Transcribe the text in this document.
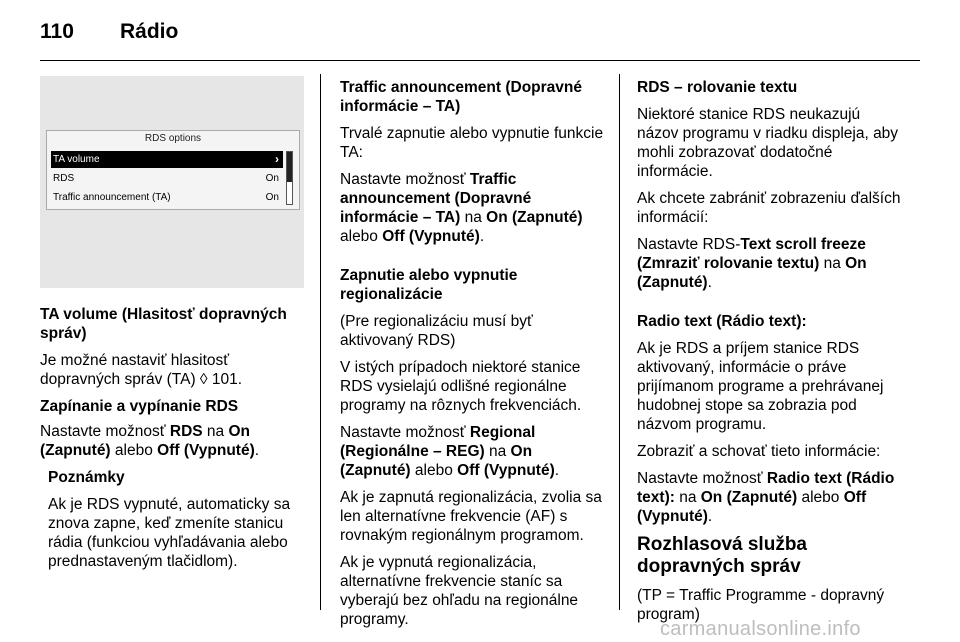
110 Rádio
RDS options
TA volume	›
RDS	On
Traffic announcement (TA)	On

TA volume (Hlasitosť dopravných správ)

Je možné nastaviť hlasitosť dopravných správ (TA) ◊ 101.

Zapínanie a vypínanie RDS

Nastavte možnosť RDS na On (Zapnuté) alebo Off (Vypnuté).

Poznámky

Ak je RDS vypnuté, automaticky sa znova zapne, keď zmeníte stanicu rádia (funkciou vyhľadávania alebo prednastaveným tlačidlom).

Traffic announcement (Dopravné informácie – TA)

Trvalé zapnutie alebo vypnutie funkcie TA:

Nastavte možnosť Traffic announcement (Dopravné informácie – TA) na On (Zapnuté) alebo Off (Vypnuté).

Zapnutie alebo vypnutie regionalizácie

(Pre regionalizáciu musí byť aktivovaný RDS)

V istých prípadoch niektoré stanice RDS vysielajú odlišné regionálne programy na rôznych frekvenciách.

Nastavte možnosť Regional (Regionálne – REG) na On (Zapnuté) alebo Off (Vypnuté).

Ak je zapnutá regionalizácia, zvolia sa len alternatívne frekvencie (AF) s rovnakým regionálnym programom.

Ak je vypnutá regionalizácia, alternatívne frekvencie staníc sa vyberajú bez ohľadu na regionálne programy.

RDS – rolovanie textu

Niektoré stanice RDS neukazujú názov programu v riadku displeja, aby mohli zobrazovať dodatočné informácie.

Ak chcete zabrániť zobrazeniu ďalších informácií:

Nastavte RDS-Text scroll freeze (Zmraziť rolovanie textu) na On (Zapnuté).

Radio text (Rádio text):

Ak je RDS a príjem stanice RDS aktivovaný, informácie o práve prijímanom programe a prehrávanej hudobnej stope sa zobrazia pod názvom programu.

Zobraziť a schovať tieto informácie:

Nastavte možnosť Radio text (Rádio text): na On (Zapnuté) alebo Off (Vypnuté).

Rozhlasová služba dopravných správ

(TP = Traffic Programme - dopravný program)

carmanualsonline.info
